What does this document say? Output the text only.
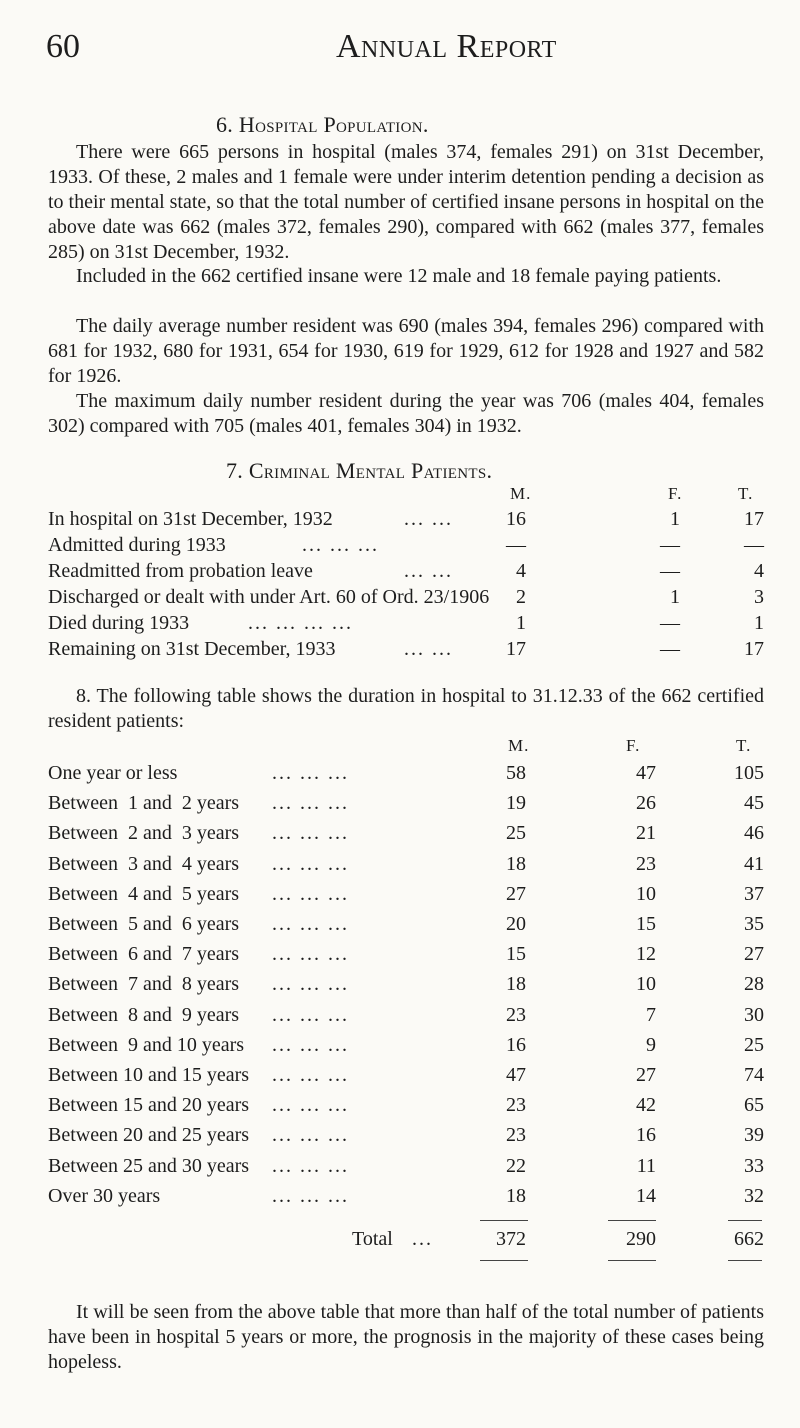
60	Annual Report
6. Hospital Population.

There were 665 persons in hospital (males 374, females 291) on 31st December, 1933. Of these, 2 males and 1 female were under interim detention pending a decision as to their mental state, so that the total number of certified insane persons in hospital on the above date was 662 (males 372, females 290), compared with 662 (males 377, females 285) on 31st December, 1932.

Included in the 662 certified insane were 12 male and 18 female paying patients.

The daily average number resident was 690 (males 394, females 296) compared with 681 for 1932, 680 for 1931, 654 for 1930, 619 for 1929, 612 for 1928 and 1927 and 582 for 1926.

The maximum daily number resident during the year was 706 (males 404, females 302) compared with 705 (males 401, females 304) in 1932.

7. Criminal Mental Patients.
M.	F.	T.
In hospital on 31st December, 1932	... ...	16	1	17
Admitted during 1933	... ... ...	—	—	—
Readmitted from probation leave	... ...	4	—	4
Discharged or dealt with under Art. 60 of Ord. 23/1906	2	1	3
Died during 1933	... ... ... ...	1	—	1
Remaining on 31st December, 1933	... ...	17	—	17

8. The following table shows the duration in hospital to 31.12.33 of the 662 certified resident patients:

M.	F.	T.
One year or less	... ... ...	58	47	105
Between  1 and  2 years ... ... ...	19	26	45
Between  2 and  3 years ... ... ...	25	21	46
Between  3 and  4 years ... ... ...	18	23	41
Between  4 and  5 years ... ... ...	27	10	37
Between  5 and  6 years ... ... ...	20	15	35
Between  6 and  7 years ... ... ...	15	12	27
Between  7 and  8 years ... ... ...	18	10	28
Between  8 and  9 years ... ... ...	23	7	30
Between  9 and 10 years ... ... ...	16	9	25
Between 10 and 15 years ... ... ...	47	27	74
Between 15 and 20 years ... ... ...	23	42	65
Between 20 and 25 years ... ... ...	23	16	39
Between 25 and 30 years ... ... ...	22	11	33
Over 30 years	... ... ...	18	14	32
Total ...	372	290	662

It will be seen from the above table that more than half of the total number of patients have been in hospital 5 years or more, the prognosis in the majority of these cases being hopeless.
